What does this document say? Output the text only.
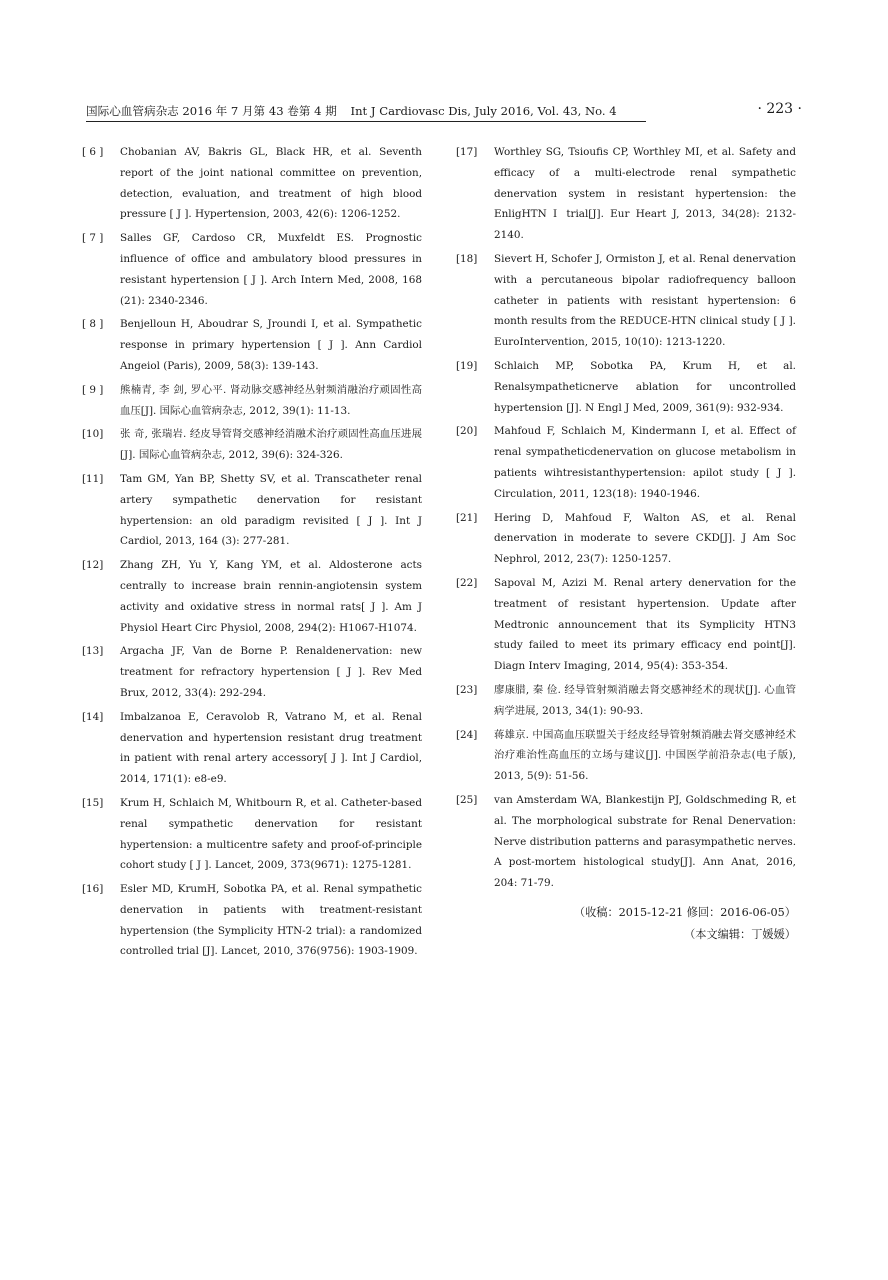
国际心血管病杂志 2016 年 7 月第 43 卷第 4 期 Int J Cardiovasc Dis, July 2016, Vol. 43, No. 4	· 223 ·
[ 6 ]	Chobanian AV, Bakris GL, Black HR, et al. Seventh report of the joint national committee on prevention, detection, evaluation, and treatment of high blood pressure [ J ]. Hypertension, 2003, 42(6): 1206-1252.
[ 7 ]	Salles GF, Cardoso CR, Muxfeldt ES. Prognostic influence of office and ambulatory blood pressures in resistant hypertension [ J ]. Arch Intern Med, 2008, 168 (21): 2340-2346.
[ 8 ]	Benjelloun H, Aboudrar S, Jroundi I, et al. Sympathetic response in primary hypertension [ J ]. Ann Cardiol Angeiol (Paris), 2009, 58(3): 139-143.
[ 9 ]	熊楠青, 李 剑, 罗心平. 肾动脉交感神经丛射频消融治疗顽固性高血压[J]. 国际心血管病杂志, 2012, 39(1): 11-13.
[10]	张 奇, 张瑞岩. 经皮导管肾交感神经消融术治疗顽固性高血压进展[J]. 国际心血管病杂志, 2012, 39(6): 324-326.
[11]	Tam GM, Yan BP, Shetty SV, et al. Transcatheter renal artery sympathetic denervation for resistant hypertension: an old paradigm revisited [ J ]. Int J Cardiol, 2013, 164 (3): 277-281.
[12]	Zhang ZH, Yu Y, Kang YM, et al. Aldosterone acts centrally to increase brain rennin-angiotensin system activity and oxidative stress in normal rats[ J ]. Am J Physiol Heart Circ Physiol, 2008, 294(2): H1067-H1074.
[13]	Argacha JF, Van de Borne P. Renaldenervation: new treatment for refractory hypertension [ J ]. Rev Med Brux, 2012, 33(4): 292-294.
[14]	Imbalzanoa E, Ceravolob R, Vatrano M, et al. Renal denervation and hypertension resistant drug treatment in patient with renal artery accessory[ J ]. Int J Cardiol, 2014, 171(1): e8-e9.
[15]	Krum H, Schlaich M, Whitbourn R, et al. Catheter-based renal sympathetic denervation for resistant hypertension: a multicentre safety and proof-of-principle cohort study [ J ]. Lancet, 2009, 373(9671): 1275-1281.
[16]	Esler MD, KrumH, Sobotka PA, et al. Renal sympathetic denervation in patients with treatment-resistant hypertension (the Symplicity HTN-2 trial): a randomized controlled trial [J]. Lancet, 2010, 376(9756): 1903-1909.
[17]	Worthley SG, Tsioufis CP, Worthley MI, et al. Safety and efficacy of a multi-electrode renal sympathetic denervation system in resistant hypertension: the EnligHTN Ⅰ trial[J]. Eur Heart J, 2013, 34(28): 2132-2140.
[18]	Sievert H, Schofer J, Ormiston J, et al. Renal denervation with a percutaneous bipolar radiofrequency balloon catheter in patients with resistant hypertension: 6 month results from the REDUCE-HTN clinical study [ J ]. EuroIntervention, 2015, 10(10): 1213-1220.
[19]	Schlaich MP, Sobotka PA, Krum H, et al. Renalsympatheticnerve ablation for uncontrolled hypertension [J]. N Engl J Med, 2009, 361(9): 932-934.
[20]	Mahfoud F, Schlaich M, Kindermann I, et al. Effect of renal sympatheticdenervation on glucose metabolism in patients wihtresistanthypertension: apilot study [ J ]. Circulation, 2011, 123(18): 1940-1946.
[21]	Hering D, Mahfoud F, Walton AS, et al. Renal denervation in moderate to severe CKD[J]. J Am Soc Nephrol, 2012, 23(7): 1250-1257.
[22]	Sapoval M, Azizi M. Renal artery denervation for the treatment of resistant hypertension. Update after Medtronic announcement that its Symplicity HTN3 study failed to meet its primary efficacy end point[J]. Diagn Interv Imaging, 2014, 95(4): 353-354.
[23]	廖康腊, 秦 俭. 经导管射频消融去肾交感神经术的现状[J]. 心血管病学进展, 2013, 34(1): 90-93.
[24]	蒋雄京. 中国高血压联盟关于经皮经导管射频消融去肾交感神经术治疗难治性高血压的立场与建议[J]. 中国医学前沿杂志(电子版), 2013, 5(9): 51-56.
[25]	van Amsterdam WA, Blankestijn PJ, Goldschmeding R, et al. The morphological substrate for Renal Denervation: Nerve distribution patterns and parasympathetic nerves. A post-mortem histological study[J]. Ann Anat, 2016, 204: 71-79.
（收稿：2015-12-21 修回：2016-06-05）
（本文编辑：丁媛媛）
